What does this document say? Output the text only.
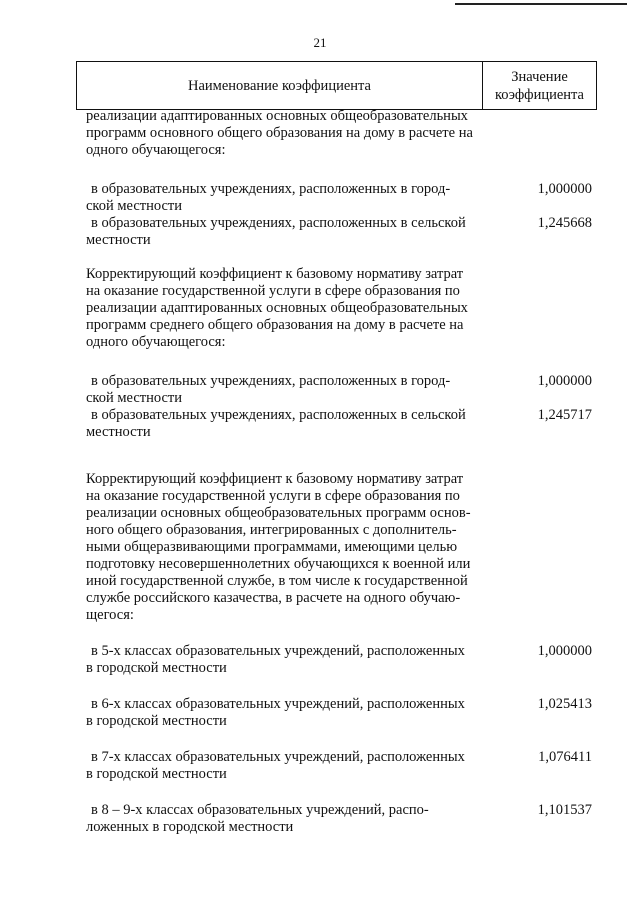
21
Наименование коэффициента
Значение
коэффициента
реализации адаптированных основных общеобразовательных
программ основного общего образования на дому в расчете на
одного обучающегося:
в образовательных учреждениях, расположенных в город-
ской местности
1,000000
в образовательных учреждениях, расположенных в сельской
местности
1,245668
Корректирующий коэффициент к базовому нормативу затрат
на оказание государственной услуги в сфере образования по
реализации адаптированных основных общеобразовательных
программ среднего общего образования на дому в расчете на
одного обучающегося:
в образовательных учреждениях, расположенных в город-
ской местности
1,000000
в образовательных учреждениях, расположенных в сельской
местности
1,245717
Корректирующий коэффициент к базовому нормативу затрат
на оказание государственной услуги в сфере образования по
реализации основных общеобразовательных программ основ-
ного общего образования, интегрированных с дополнитель-
ными общеразвивающими программами, имеющими целью
подготовку несовершеннолетних обучающихся к военной или
иной государственной службе, в том числе к государственной
службе российского казачества, в расчете на одного обучаю-
щегося:
в 5-х классах образовательных учреждений, расположенных
в городской местности
1,000000
в 6-х классах образовательных учреждений, расположенных
в городской местности
1,025413
в 7-х классах образовательных учреждений, расположенных
в городской местности
1,076411
в 8 – 9-х классах образовательных учреждений, распо-
ложенных в городской местности
1,101537
